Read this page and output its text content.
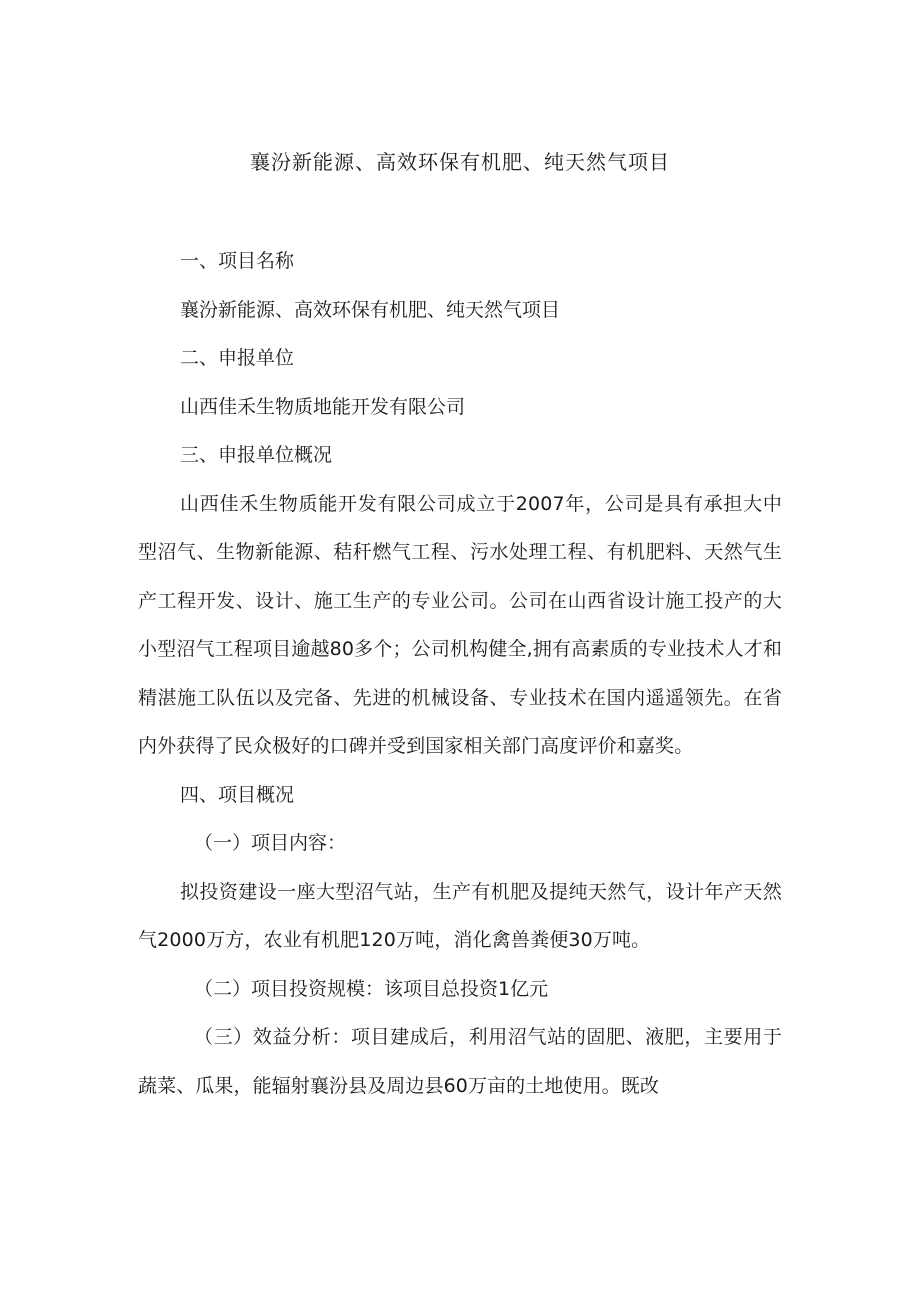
襄汾新能源、高效环保有机肥、纯天然气项目

一、项目名称

襄汾新能源、高效环保有机肥、纯天然气项目

二、申报单位

山西佳禾生物质地能开发有限公司

三、申报单位概况

山西佳禾生物质能开发有限公司成立于2007年，公司是具有承担大中型沼气、生物新能源、秸秆燃气工程、污水处理工程、有机肥料、天然气生产工程开发、设计、施工生产的专业公司。公司在山西省设计施工投产的大小型沼气工程项目逾越80多个；公司机构健全,拥有高素质的专业技术人才和精湛施工队伍以及完备、先进的机械设备、专业技术在国内遥遥领先。在省内外获得了民众极好的口碑并受到国家相关部门高度评价和嘉奖。

四、项目概况

（一）项目内容：

拟投资建设一座大型沼气站，生产有机肥及提纯天然气，设计年产天然气2000万方，农业有机肥120万吨，消化禽兽粪便30万吨。

（二）项目投资规模：该项目总投资1亿元

（三）效益分析：项目建成后，利用沼气站的固肥、液肥，主要用于蔬菜、瓜果，能辐射襄汾县及周边县60万亩的土地使用。既改
